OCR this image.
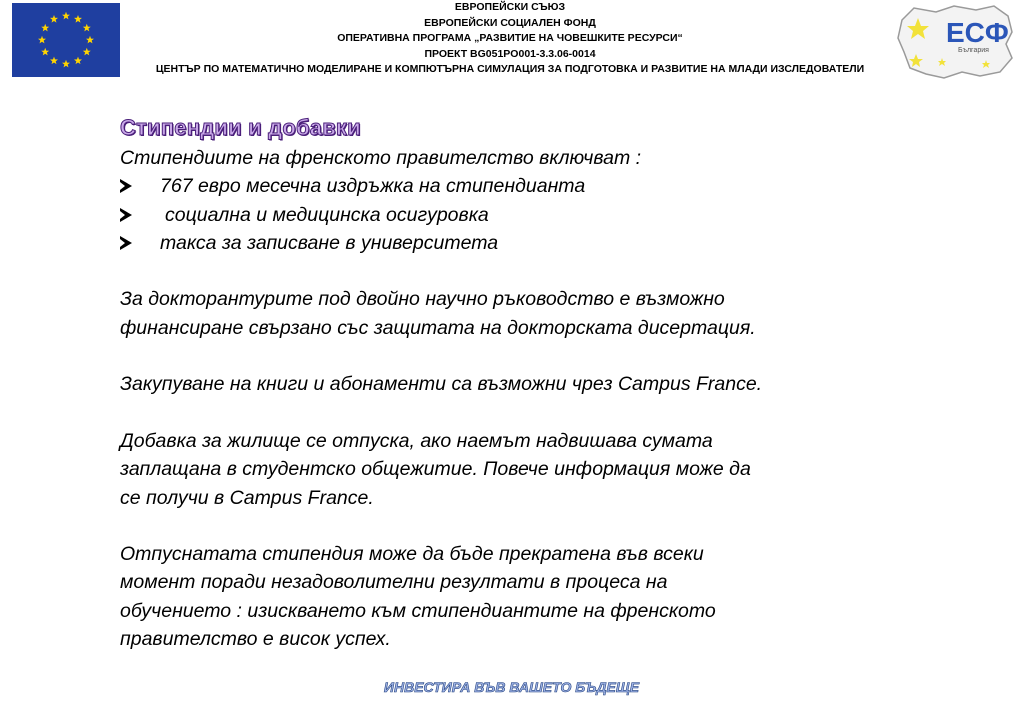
ЕВРОПЕЙСКИ СЪЮЗ
ЕВРОПЕЙСКИ СОЦИАЛЕН ФОНД
ОПЕРАТИВНА ПРОГРАМА „РАЗВИТИЕ НА ЧОВЕШКИТЕ РЕСУРСИ“
ПРОЕКТ BG051PO001-3.3.06-0014
ЦЕНТЪР ПО МАТЕМАТИЧНО МОДЕЛИРАНЕ И КОМПЮТЪРНА СИМУЛАЦИЯ ЗА ПОДГОТОВКА И РАЗВИТИЕ НА МЛАДИ ИЗСЛЕДОВАТЕЛИ
ЕСФ
България
Стипендии и добавки
Стипендиите на френското правителство включват :
767 евро месечна издръжка на стипендианта
социална и медицинска осигуровка
такса за записване в университета
За докторантурите под двойно научно ръководство е възможно
финансиране свързано със защитата на докторската дисертация.
Закупуване на книги и абонаменти са възможни чрез Campus France.
Добавка за жилище се отпуска, ако наемът надвишава сумата
заплащана в студентско общежитие. Повече информация може да
се получи в Campus France.
Отпуснатата стипендия може да бъде прекратена във всеки
момент поради незадоволителни резултати в процеса на
обучението : изискването към стипендиантите на френското
правителство е висок успех.
ИНВЕСТИРА ВЪВ ВАШЕТО БЪДЕЩЕ
